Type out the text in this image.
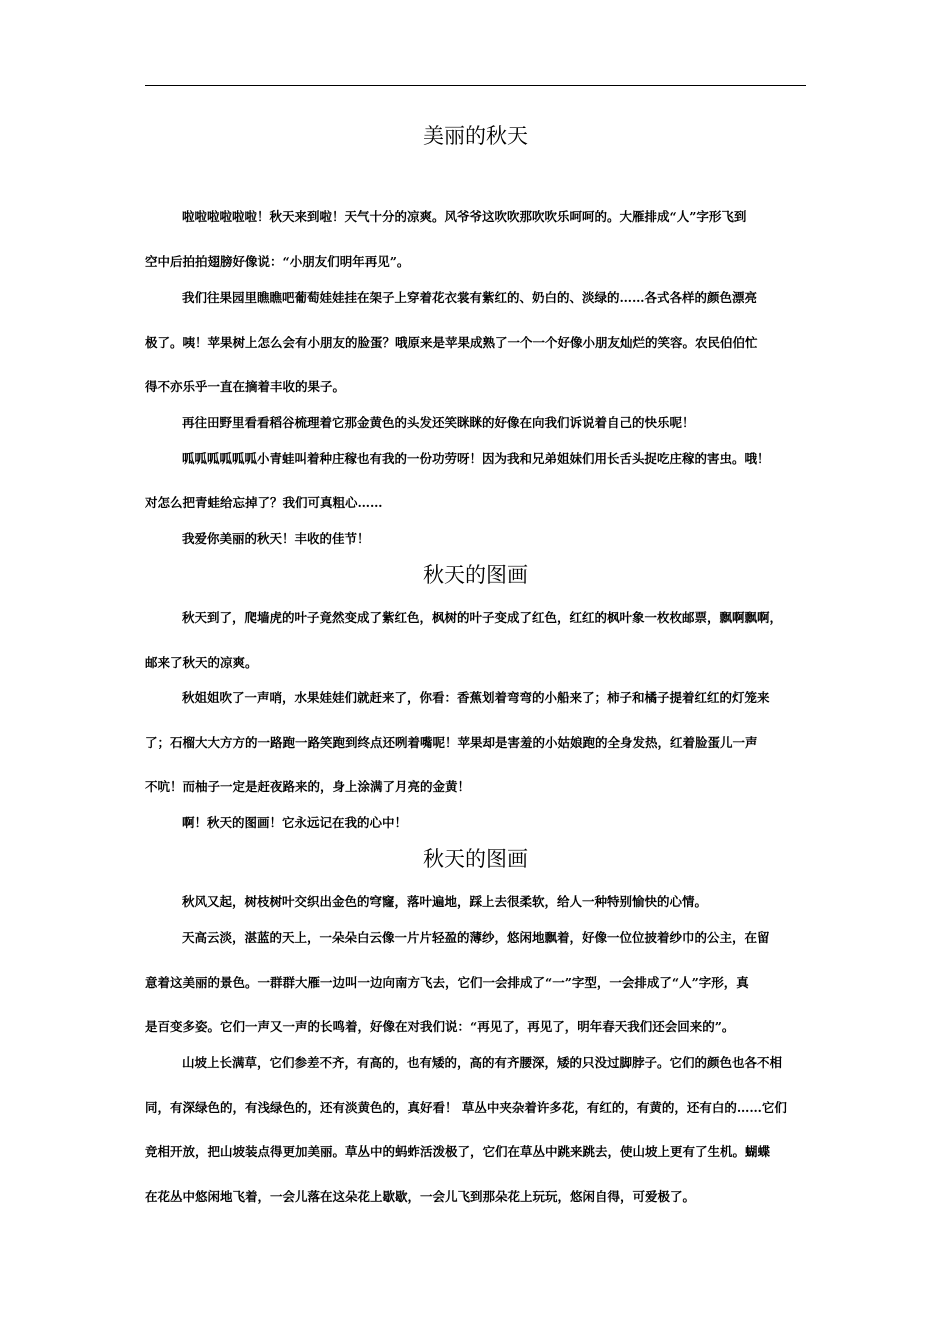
美丽的秋天

啦啦啦啦啦啦！秋天来到啦！天气十分的凉爽。风爷爷这吹吹那吹吹乐呵呵的。大雁排成“人”字形飞到

空中后拍拍翅膀好像说：“小朋友们明年再见”。

我们往果园里瞧瞧吧葡萄娃娃挂在架子上穿着花衣裳有紫红的、奶白的、淡绿的……各式各样的颜色漂亮

极了。咦！苹果树上怎么会有小朋友的脸蛋？哦原来是苹果成熟了一个一个好像小朋友灿烂的笑容。农民伯伯忙

得不亦乐乎一直在摘着丰收的果子。

再往田野里看看稻谷梳理着它那金黄色的头发还笑眯眯的好像在向我们诉说着自己的快乐呢！

呱呱呱呱呱呱小青蛙叫着种庄稼也有我的一份功劳呀！因为我和兄弟姐妹们用长舌头捉吃庄稼的害虫。哦！

对怎么把青蛙给忘掉了？我们可真粗心……

我爱你美丽的秋天！丰收的佳节！

秋天的图画

秋天到了，爬墙虎的叶子竟然变成了紫红色，枫树的叶子变成了红色，红红的枫叶象一枚枚邮票，飘啊飘啊，

邮来了秋天的凉爽。

秋姐姐吹了一声哨，水果娃娃们就赶来了，你看：香蕉划着弯弯的小船来了；柿子和橘子提着红红的灯笼来

了；石榴大大方方的一路跑一路笑跑到终点还咧着嘴呢！苹果却是害羞的小姑娘跑的全身发热，红着脸蛋儿一声

不吭！而柚子一定是赶夜路来的，身上涂满了月亮的金黄！

啊！秋天的图画！它永远记在我的心中！

秋天的图画

秋风又起，树枝树叶交织出金色的穹窿，落叶遍地，踩上去很柔软，给人一种特别愉快的心情。

天高云淡，湛蓝的天上，一朵朵白云像一片片轻盈的薄纱，悠闲地飘着，好像一位位披着纱巾的公主，在留

意着这美丽的景色。一群群大雁一边叫一边向南方飞去，它们一会排成了“一”字型，一会排成了“人”字形，真

是百变多姿。它们一声又一声的长鸣着，好像在对我们说：“再见了，再见了，明年春天我们还会回来的”。

山坡上长满草，它们参差不齐，有高的，也有矮的，高的有齐腰深，矮的只没过脚脖子。它们的颜色也各不相

同，有深绿色的，有浅绿色的，还有淡黄色的，真好看！ 草丛中夹杂着许多花，有红的，有黄的，还有白的……它们

竞相开放，把山坡装点得更加美丽。草丛中的蚂蚱活泼极了，它们在草丛中跳来跳去，使山坡上更有了生机。蝴蝶

在花丛中悠闲地飞着，一会儿落在这朵花上歇歇，一会儿飞到那朵花上玩玩，悠闲自得，可爱极了。
